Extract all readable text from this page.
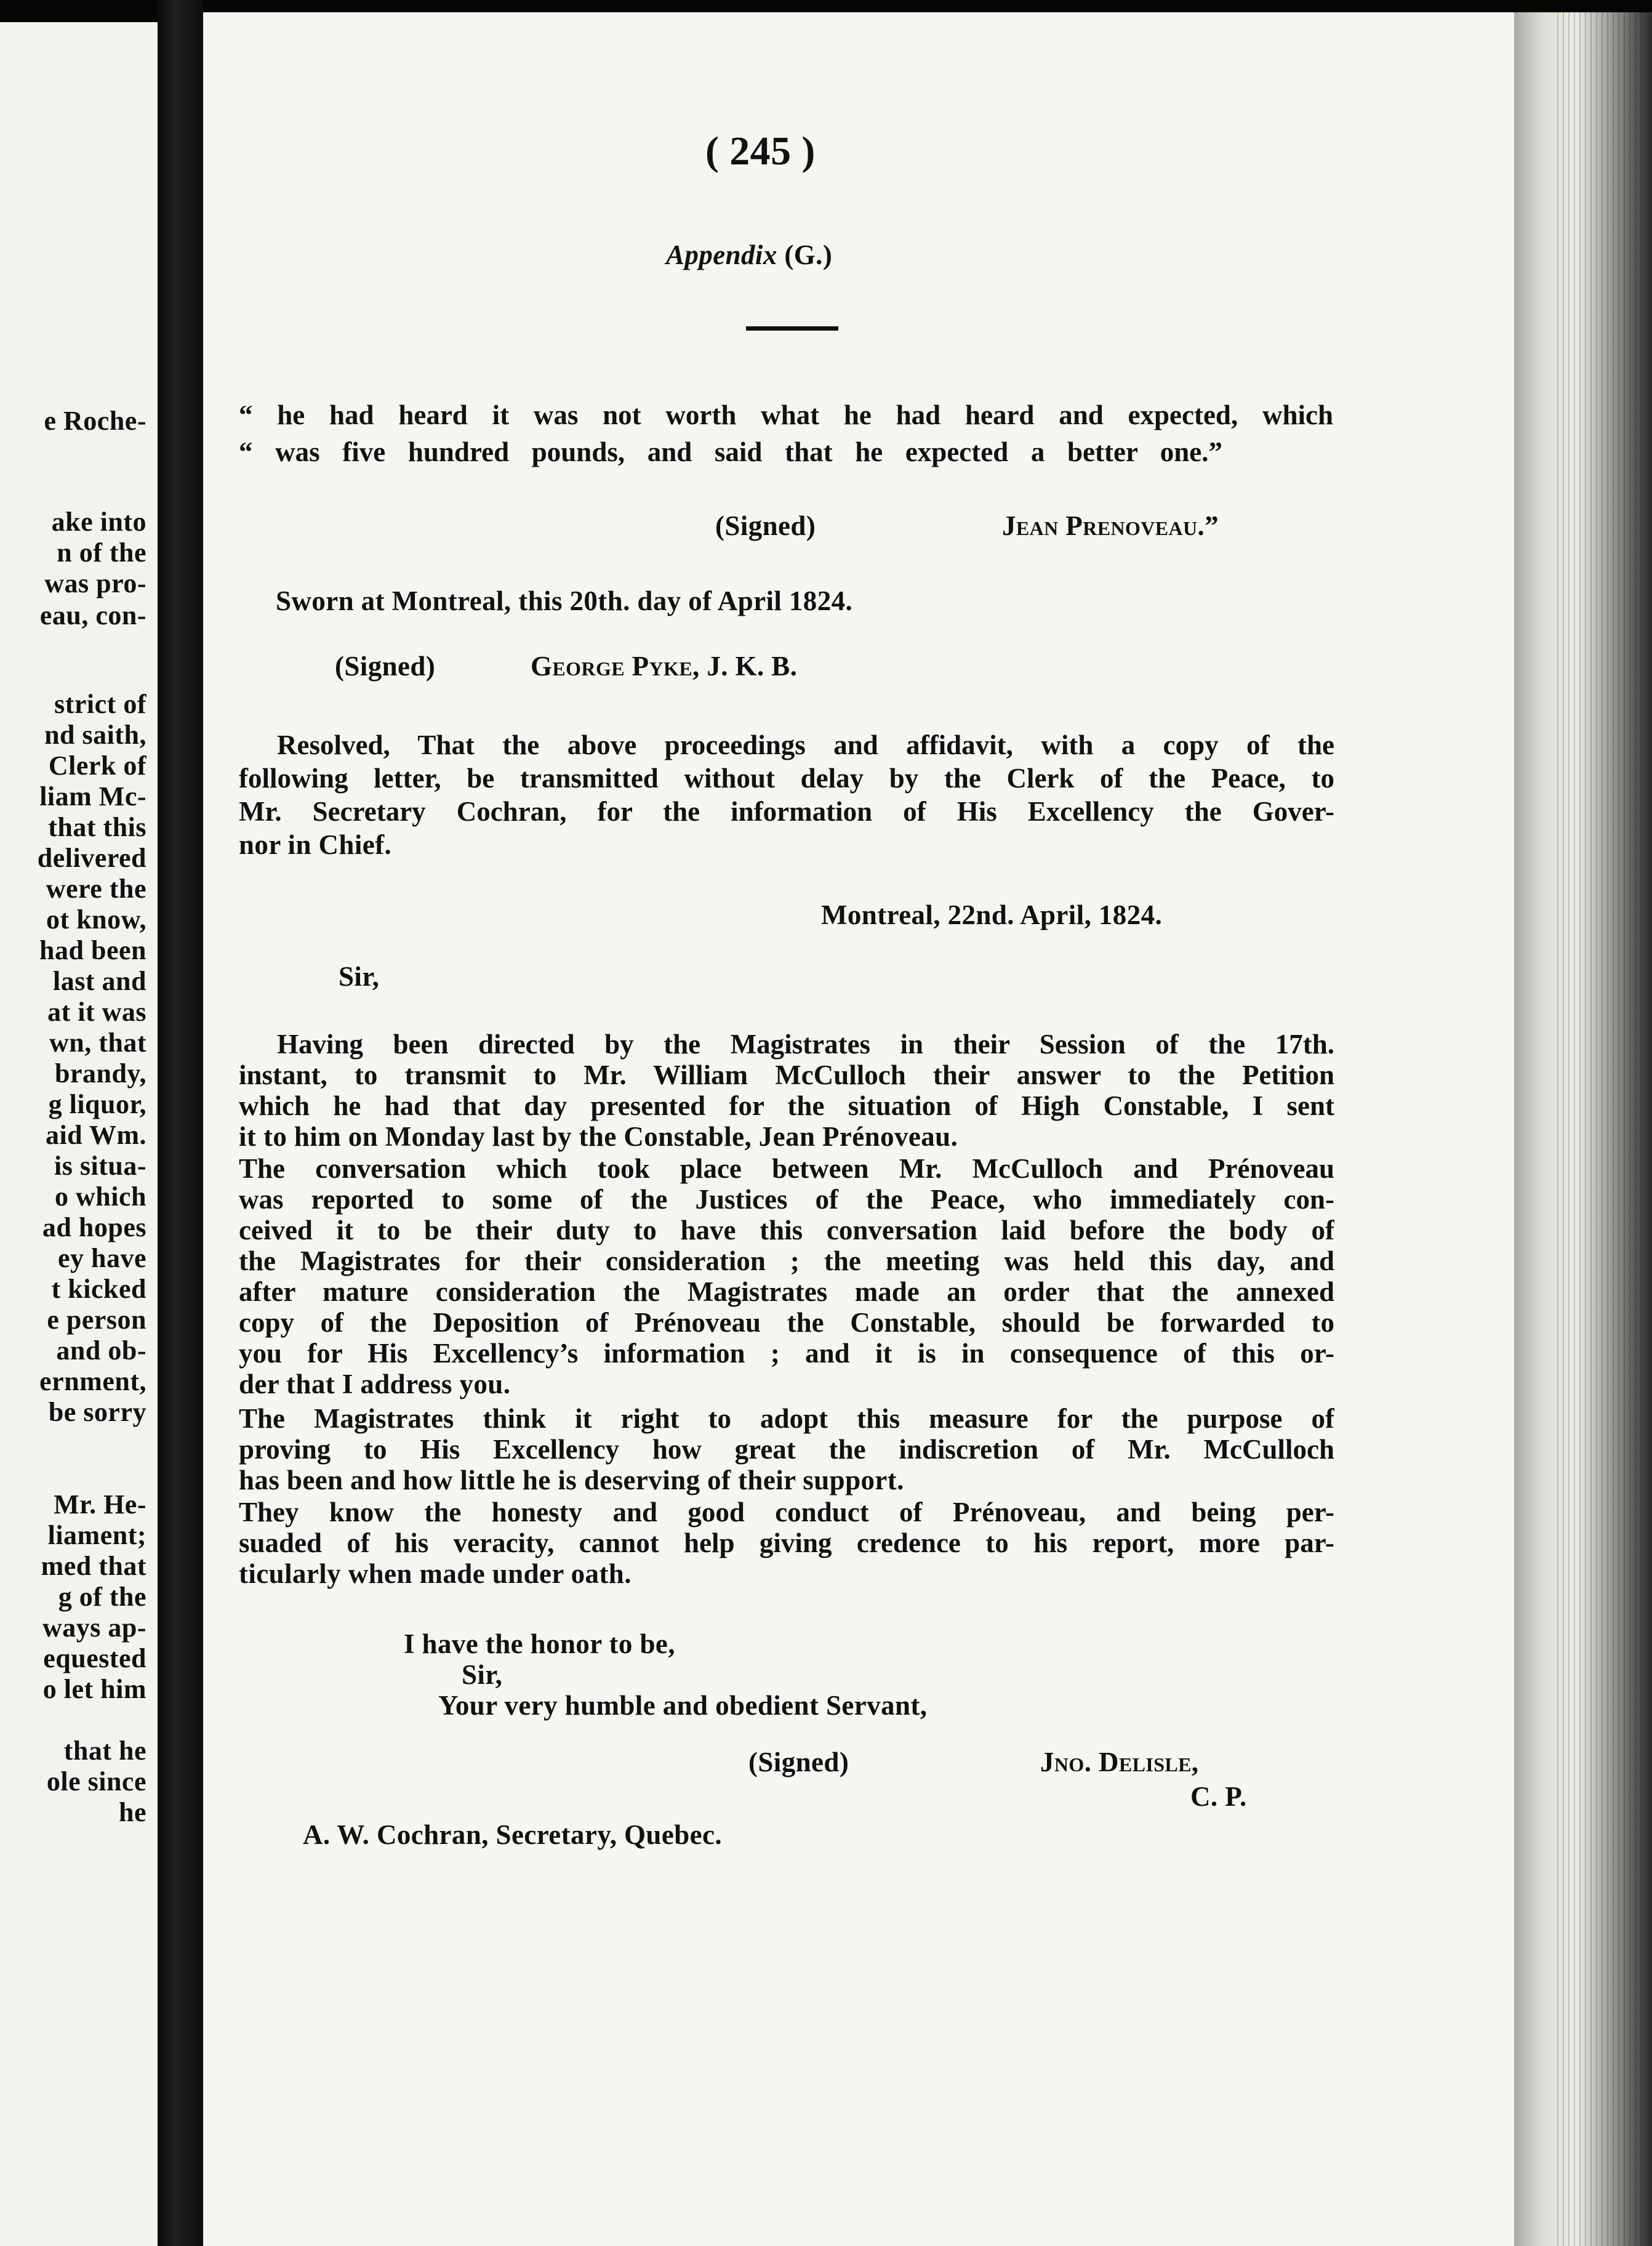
e Roche-
ake into
n of the
was pro-
eau, con-
strict of
nd saith,
Clerk of
liam Mc-
that this
delivered
were the
ot know,
had been
last and
at it was
wn, that
brandy,
g liquor,
aid Wm.
is situa-
o which
ad hopes
ey have
t kicked
e person
and ob-
ernment,
be sorry
Mr. He-
liament;
med that
g of the
ways ap-
equested
o let him
that he
ole since
he
( 245 )
Appendix (G.)
“ he had heard it was not worth what he had heard and expected, which
“ was five hundred pounds, and said that he expected a better one.”
(Signed)	Jean Prenoveau.”
Sworn at Montreal, this 20th. day of April 1824.
(Signed)	George Pyke, J. K. B.
Resolved, That the above proceedings and affidavit, with a copy of the
following letter, be transmitted without delay by the Clerk of the Peace, to
Mr. Secretary Cochran, for the information of His Excellency the Gover-
nor in Chief.
Montreal, 22nd. April, 1824.
Sir,
Having been directed by the Magistrates in their Session of the 17th.
instant, to transmit to Mr. William McCulloch their answer to the Petition
which he had that day presented for the situation of High Constable, I sent
it to him on Monday last by the Constable, Jean Prénoveau.
The conversation which took place between Mr. McCulloch and Prénoveau
was reported to some of the Justices of the Peace, who immediately con-
ceived it to be their duty to have this conversation laid before the body of
the Magistrates for their consideration ; the meeting was held this day, and
after mature consideration the Magistrates made an order that the annexed
copy of the Deposition of Prénoveau the Constable, should be forwarded to
you for His Excellency’s information ; and it is in consequence of this or-
der that I address you.
The Magistrates think it right to adopt this measure for the purpose of
proving to His Excellency how great the indiscretion of Mr. McCulloch
has been and how little he is deserving of their support.
They know the honesty and good conduct of Prénoveau, and being per-
suaded of his veracity, cannot help giving credence to his report, more par-
ticularly when made under oath.
I have the honor to be,
Sir,
Your very humble and obedient Servant,
(Signed)	Jno. Delisle,
C. P.
A. W. Cochran, Secretary, Quebec.
